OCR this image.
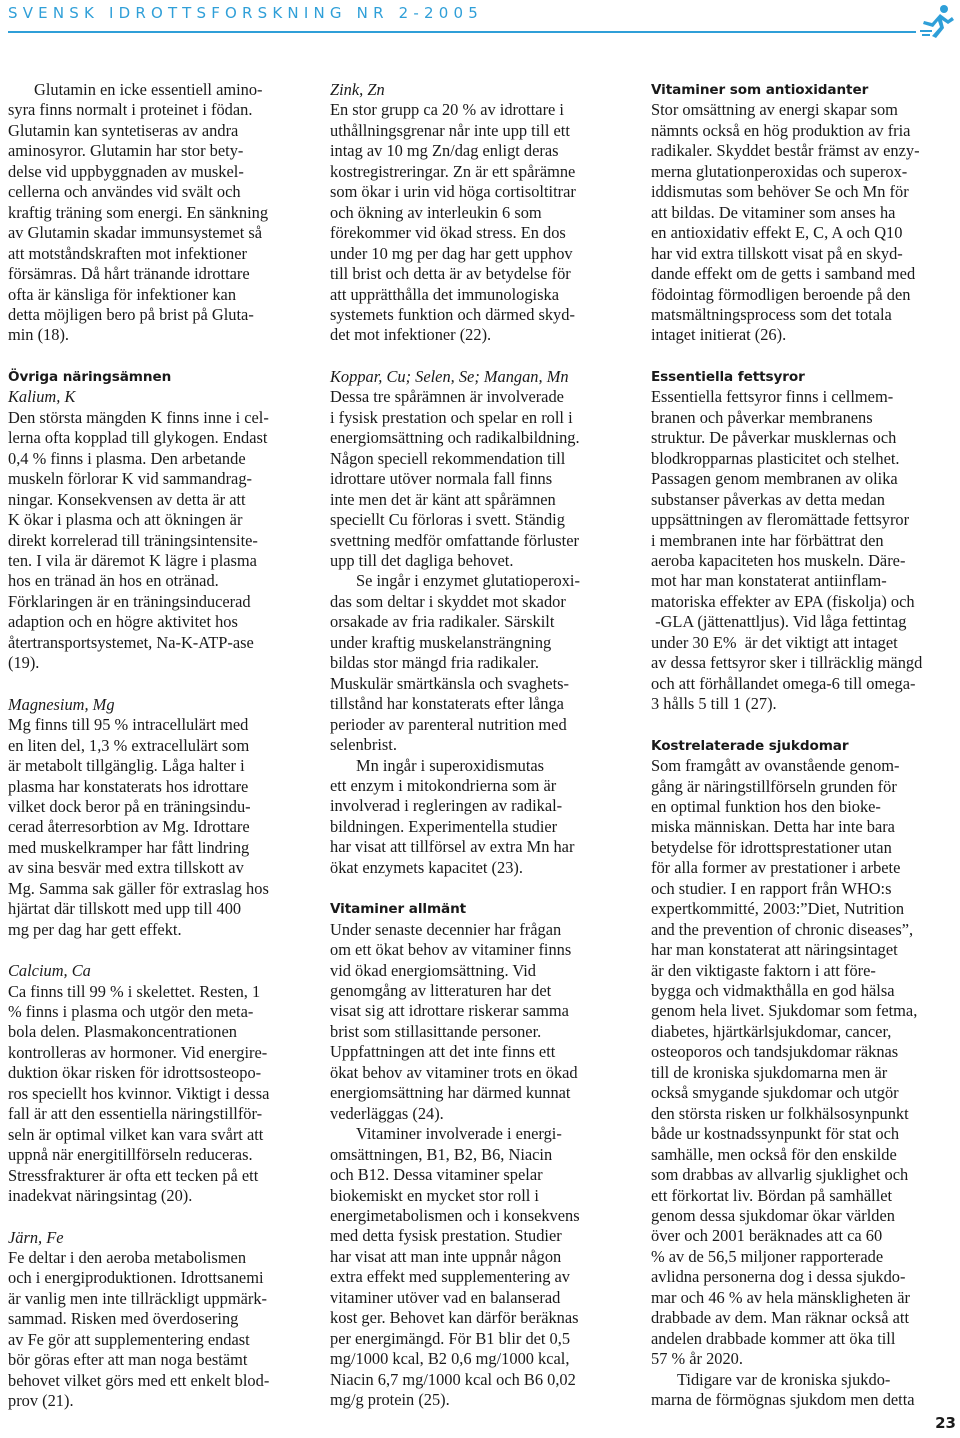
SVENSK IDROTTSFORSKNING NR 2-2005
Glutamin en icke essentiell amino-
syra finns normalt i proteinet i födan.
Glutamin kan syntetiseras av andra
aminosyror. Glutamin har stor bety-
delse vid uppbyggnaden av muskel-
cellerna och användes vid svält och
kraftig träning som energi. En sänkning
av Glutamin skadar immunsystemet så
att motståndskraften mot infektioner
försämras. Då hårt tränande idrottare
ofta är känsliga för infektioner kan
detta möjligen bero på brist på Gluta-
min (18).
Övriga näringsämnen
Kalium, K
Den största mängden K finns inne i cel-
lerna ofta kopplad till glykogen. Endast
0,4 % finns i plasma. Den arbetande
muskeln förlorar K vid sammandrag-
ningar. Konsekvensen av detta är att
K ökar i plasma och att ökningen är
direkt korrelerad till träningsintensite-
ten. I vila är däremot K lägre i plasma
hos en tränad än hos en otränad.
Förklaringen är en träningsinducerad
adaption och en högre aktivitet hos
återtransportsystemet, Na-K-ATP-ase
(19).
Magnesium, Mg
Mg finns till 95 % intracellulärt med
en liten del, 1,3 % extracellulärt som
är metabolt tillgänglig. Låga halter i
plasma har konstaterats hos idrottare
vilket dock beror på en träningsindu-
cerad återresorbtion av Mg. Idrottare
med muskelkramper har fått lindring
av sina besvär med extra tillskott av
Mg. Samma sak gäller för extraslag hos
hjärtat där tillskott med upp till 400
mg per dag har gett effekt.
Calcium, Ca
Ca finns till 99 % i skelettet. Resten, 1
% finns i plasma och utgör den meta-
bola delen. Plasmakoncentrationen
kontrolleras av hormoner. Vid energire-
duktion ökar risken för idrottsosteopo-
ros speciellt hos kvinnor. Viktigt i dessa
fall är att den essentiella näringstillför-
seln är optimal vilket kan vara svårt att
uppnå när energitillförseln reduceras.
Stressfrakturer är ofta ett tecken på ett
inadekvat näringsintag (20).
Järn, Fe
Fe deltar i den aeroba metabolismen
och i energiproduktionen. Idrottsanemi
är vanlig men inte tillräckligt uppmärk-
sammad. Risken med överdosering
av Fe gör att supplementering endast
bör göras efter att man noga bestämt
behovet vilket görs med ett enkelt blod-
prov (21).
Zink, Zn
En stor grupp ca 20 % av idrottare i
uthållningsgrenar når inte upp till ett
intag av 10 mg Zn/dag enligt deras
kostregistreringar. Zn är ett spårämne
som ökar i urin vid höga cortisoltitrar
och ökning av interleukin 6 som
förekommer vid ökad stress. En dos
under 10 mg per dag har gett upphov
till brist och detta är av betydelse för
att upprätthålla det immunologiska
systemets funktion och därmed skyd-
det mot infektioner (22).
Koppar, Cu; Selen, Se; Mangan, Mn
Dessa tre spårämnen är involverade
i fysisk prestation och spelar en roll i
energiomsättning och radikalbildning.
Någon speciell rekommendation till
idrottare utöver normala fall finns
inte men det är känt att spårämnen
speciellt Cu förloras i svett. Ständig
svettning medför omfattande förluster
upp till det dagliga behovet.
Se ingår i enzymet glutatioperoxi-
das som deltar i skyddet mot skador
orsakade av fria radikaler. Särskilt
under kraftig muskelansträngning
bildas stor mängd fria radikaler.
Muskulär smärtkänsla och svaghets-
tillstånd har konstaterats efter långa
perioder av parenteral nutrition med
selenbrist.
Mn ingår i superoxidismutas
ett enzym i mitokondrierna som är
involverad i regleringen av radikal-
bildningen. Experimentella studier
har visat att tillförsel av extra Mn har
ökat enzymets kapacitet (23).
Vitaminer allmänt
Under senaste decennier har frågan
om ett ökat behov av vitaminer finns
vid ökad energiomsättning. Vid
genomgång av litteraturen har det
visat sig att idrottare riskerar samma
brist som stillasittande personer.
Uppfattningen att det inte finns ett
ökat behov av vitaminer trots en ökad
energiomsättning har därmed kunnat
vederläggas (24).
Vitaminer involverade i energi-
omsättningen, B1, B2, B6, Niacin
och B12. Dessa vitaminer spelar
biokemiskt en mycket stor roll i
energimetabolismen och i konsekvens
med detta fysisk prestation. Studier
har visat att man inte uppnår någon
extra effekt med supplementering av
vitaminer utöver vad en balanserad
kost ger. Behovet kan därför beräknas
per energimängd. För B1 blir det 0,5
mg/1000 kcal, B2 0,6 mg/1000 kcal,
Niacin 6,7 mg/1000 kcal och B6 0,02
mg/g protein (25).
Vitaminer som antioxidanter
Stor omsättning av energi skapar som
nämnts också en hög produktion av fria
radikaler. Skyddet består främst av enzy-
merna glutationperoxidas och superox-
iddismutas som behöver Se och Mn för
att bildas. De vitaminer som anses ha
en antioxidativ effekt E, C, A och Q10
har vid extra tillskott visat på en skyd-
dande effekt om de getts i samband med
födointag förmodligen beroende på den
matsmältningsprocess som det totala
intaget initierat (26).
Essentiella fettsyror
Essentiella fettsyror finns i cellmem-
branen och påverkar membranens
struktur. De påverkar musklernas och
blodkropparnas plasticitet och stelhet.
Passagen genom membranen av olika
substanser påverkas av detta medan
uppsättningen av fleromättade fettsyror
i membranen inte har förbättrat den
aeroba kapaciteten hos muskeln. Däre-
mot har man konstaterat antiinflam-
matoriska effekter av EPA (fiskolja) och
-GLA (jättenattljus). Vid låga fettintag
under 30 E%  är det viktigt att intaget
av dessa fettsyror sker i tillräcklig mängd
och att förhållandet omega-6 till omega-
3 hålls 5 till 1 (27).
Kostrelaterade sjukdomar
Som framgått av ovanstående genom-
gång är näringstillförseln grunden för
en optimal funktion hos den bioke-
miska människan. Detta har inte bara
betydelse för idrottsprestationer utan
för alla former av prestationer i arbete
och studier. I en rapport från WHO:s
expertkommitté, 2003:”Diet, Nutrition
and the prevention of chronic diseases”,
har man konstaterat att näringsintaget
är den viktigaste faktorn i att före-
bygga och vidmakthålla en god hälsa
genom hela livet. Sjukdomar som fetma,
diabetes, hjärtkärlsjukdomar, cancer,
osteoporos och tandsjukdomar räknas
till de kroniska sjukdomarna men är
också smygande sjukdomar och utgör
den största risken ur folkhälsosynpunkt
både ur kostnadssynpunkt för stat och
samhälle, men också för den enskilde
som drabbas av allvarlig sjuklighet och
ett förkortat liv. Bördan på samhället
genom dessa sjukdomar ökar världen
över och 2001 beräknades att ca 60
% av de 56,5 miljoner rapporterade
avlidna personerna dog i dessa sjukdo-
mar och 46 % av hela mänskligheten är
drabbade av dem. Man räknar också att
andelen drabbade kommer att öka till
57 % år 2020.
Tidigare var de kroniska sjukdo-
marna de förmögnas sjukdom men detta
23
